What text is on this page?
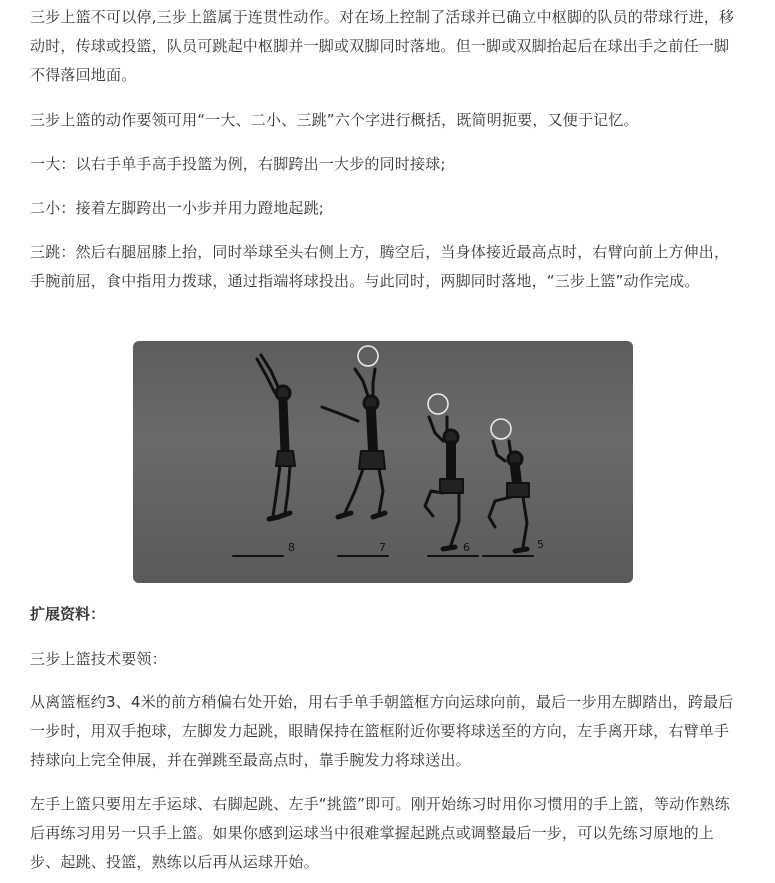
三步上篮不可以停,三步上篮属于连贯性动作。对在场上控制了活球并已确立中枢脚的队员的带球行进，移动时，传球或投篮，队员可跳起中枢脚并一脚或双脚同时落地。但一脚或双脚抬起后在球出手之前任一脚不得落回地面。

三步上篮的动作要领可用“一大、二小、三跳”六个字进行概括，既简明扼要，又便于记忆。

一大：以右手单手高手投篮为例，右脚跨出一大步的同时接球;

二小：接着左脚跨出一小步并用力蹬地起跳;

三跳：然后右腿屈膝上抬，同时举球至头右侧上方，腾空后，当身体接近最高点时，右臂向前上方伸出，手腕前屈，食中指用力拨球，通过指端将球投出。与此同时，两脚同时落地，“三步上篮”动作完成。

8	7	6	5
扩展资料：

三步上篮技术要领：

从离篮框约3、4米的前方稍偏右处开始，用右手单手朝篮框方向运球向前，最后一步用左脚踏出，跨最后一步时，用双手抱球，左脚发力起跳，眼睛保持在篮框附近你要将球送至的方向，左手离开球，右臂单手持球向上完全伸展，并在弹跳至最高点时，靠手腕发力将球送出。

左手上篮只要用左手运球、右脚起跳、左手“挑篮”即可。刚开始练习时用你习惯用的手上篮，等动作熟练后再练习用另一只手上篮。如果你感到运球当中很难掌握起跳点或调整最后一步，可以先练习原地的上步、起跳、投篮，熟练以后再从运球开始。
